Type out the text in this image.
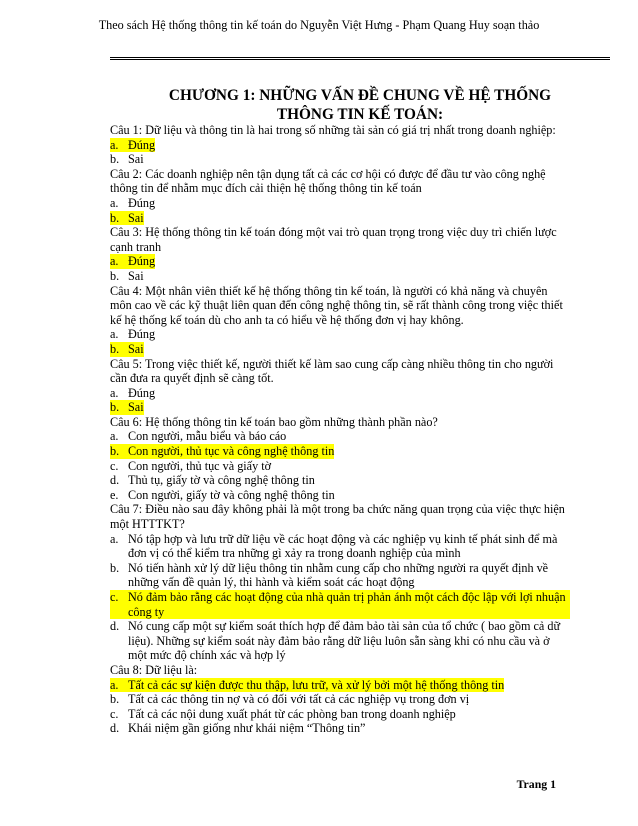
Theo sách Hệ thống thông tin kế toán do Nguyễn Việt Hưng - Phạm Quang Huy soạn thảo
CHƯƠNG 1: NHỮNG VẤN ĐỀ CHUNG VỀ HỆ THỐNG
THÔNG TIN KẾ TOÁN:
Câu 1: Dữ liệu và thông tin là hai trong số những tài sản có giá trị nhất trong doanh nghiệp:
a. Đúng
b. Sai
Câu 2: Các doanh nghiệp nên tận dụng tất cả các cơ hội có được để đầu tư vào công nghệ thông tin để nhằm mục đích cải thiện hệ thống thông tin kế toán
a. Đúng
b. Sai
Câu 3: Hệ thống thông tin kế toán đóng một vai trò quan trọng trong việc duy trì chiến lược cạnh tranh
a. Đúng
b. Sai
Câu 4: Một nhân viên thiết kế hệ thống thông tin kế toán, là người có khả năng và chuyên môn cao về các kỹ thuật liên quan đến công nghệ thông tin, sẽ rất thành công trong việc thiết kế hệ thống kế toán dù cho anh ta có hiểu về hệ thống đơn vị hay không.
a. Đúng
b. Sai
Câu 5: Trong việc thiết kế, người thiết kế làm sao cung cấp càng nhiều thông tin cho người cần đưa ra quyết định sẽ càng tốt.
a. Đúng
b. Sai
Câu 6: Hệ thống thông tin kế toán bao gồm những thành phần nào?
a. Con người, mẫu biểu và báo cáo
b. Con người, thủ tục và công nghệ thông tin
c. Con người, thủ tục và giấy tờ
d. Thủ tụ, giấy tờ và công nghệ thông tin
e. Con người, giấy tờ và công nghệ thông tin
Câu 7: Điều nào sau đây không phải là một trong ba chức năng quan trọng của việc thực hiện một HTTTKT?
a. Nó tập hợp và lưu trữ dữ liệu về các hoạt động và các nghiệp vụ kinh tế phát sinh để mà đơn vị có thể kiểm tra những gì xảy ra trong doanh nghiệp của mình
b. Nó tiến hành xử lý dữ liệu thông tin nhằm cung cấp cho những người ra quyết định về những vấn đề quản lý, thi hành và kiểm soát các hoạt động
c. Nó đảm bảo rằng các hoạt động của nhà quản trị phản ánh một cách độc lập với lợi nhuận công ty
d. Nó cung cấp một sự kiểm soát thích hợp để đảm bảo tài sản của tổ chức ( bao gồm cả dữ liệu). Những sự kiểm soát này đảm bảo rằng dữ liệu luôn sẵn sàng khi có nhu cầu và ở một mức độ chính xác và hợp lý
Câu 8: Dữ liệu là:
a. Tất cả các sự kiện được thu thập, lưu trữ, và xử lý bởi một hệ thống thông tin
b. Tất cả các thông tin nợ và có đối với tất cả các nghiệp vụ trong đơn vị
c. Tất cả các nội dung xuất phát từ các phòng ban trong doanh nghiệp
d. Khái niệm gần giống như khái niệm “Thông tin”
Trang 1
